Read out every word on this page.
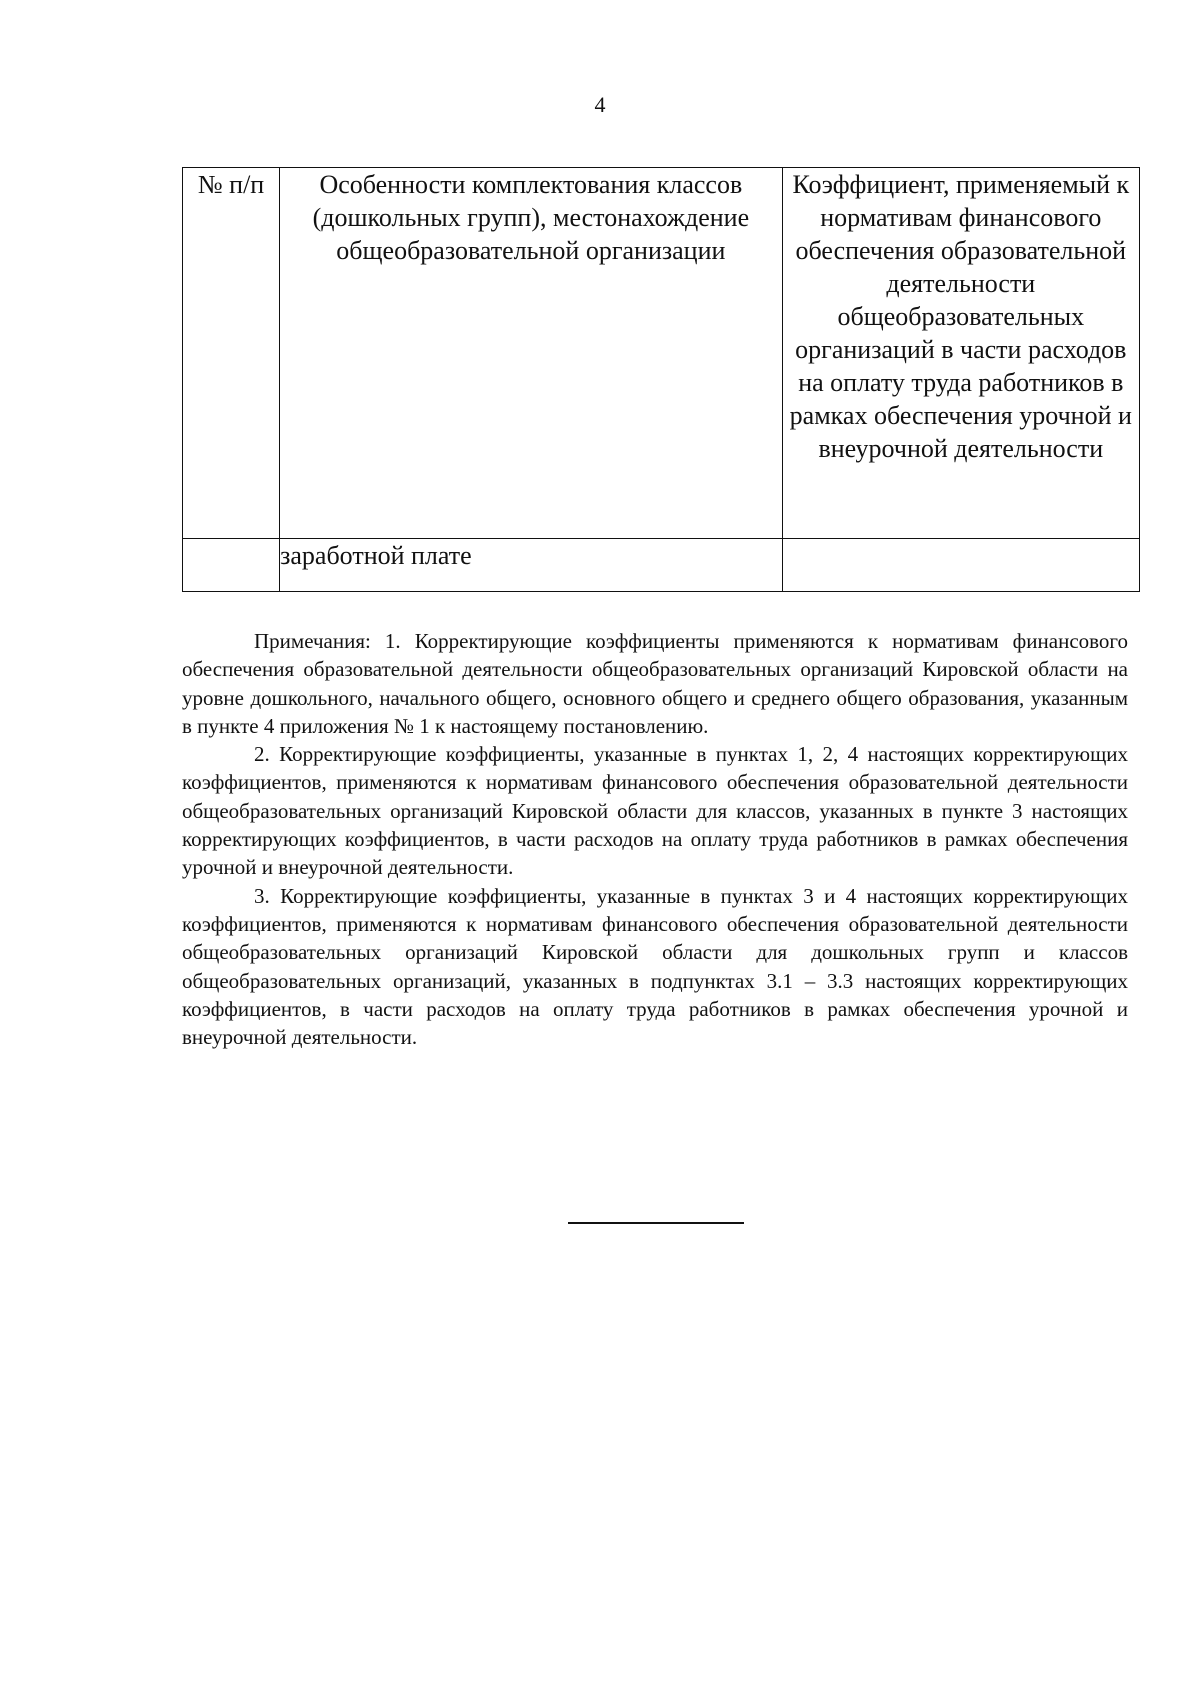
4
№ п/п	Особенности комплектования классов (дошкольных групп), местонахождение общеобразовательной организации	Коэффициент, применяемый к нормативам финансового обеспечения образовательной деятельности общеобразовательных организаций в части расходов на оплату труда работников в рамках обеспечения урочной и внеурочной деятельности
	заработной плате	

Примечания: 1. Корректирующие коэффициенты применяются к нормативам финансового обеспечения образовательной деятельности общеобразовательных организаций Кировской области на уровне дошкольного, начального общего, основного общего и среднего общего образования, указанным в пункте 4 приложения № 1 к настоящему постановлению.

2. Корректирующие коэффициенты, указанные в пунктах 1, 2, 4 настоящих корректирующих коэффициентов, применяются к нормативам финансового обеспечения образовательной деятельности общеобразовательных организаций Кировской области для классов, указанных в пункте 3 настоящих корректирующих коэффициентов, в части расходов на оплату труда работников в рамках обеспечения урочной и внеурочной деятельности.

3. Корректирующие коэффициенты, указанные в пунктах 3 и 4 настоящих корректирующих коэффициентов, применяются к нормативам финансового обеспечения образовательной деятельности общеобразовательных организаций Кировской области для дошкольных групп и классов общеобразовательных организаций, указанных в подпунктах 3.1 – 3.3 настоящих корректирующих коэффициентов, в части расходов на оплату труда работников в рамках обеспечения урочной и внеурочной деятельности.
